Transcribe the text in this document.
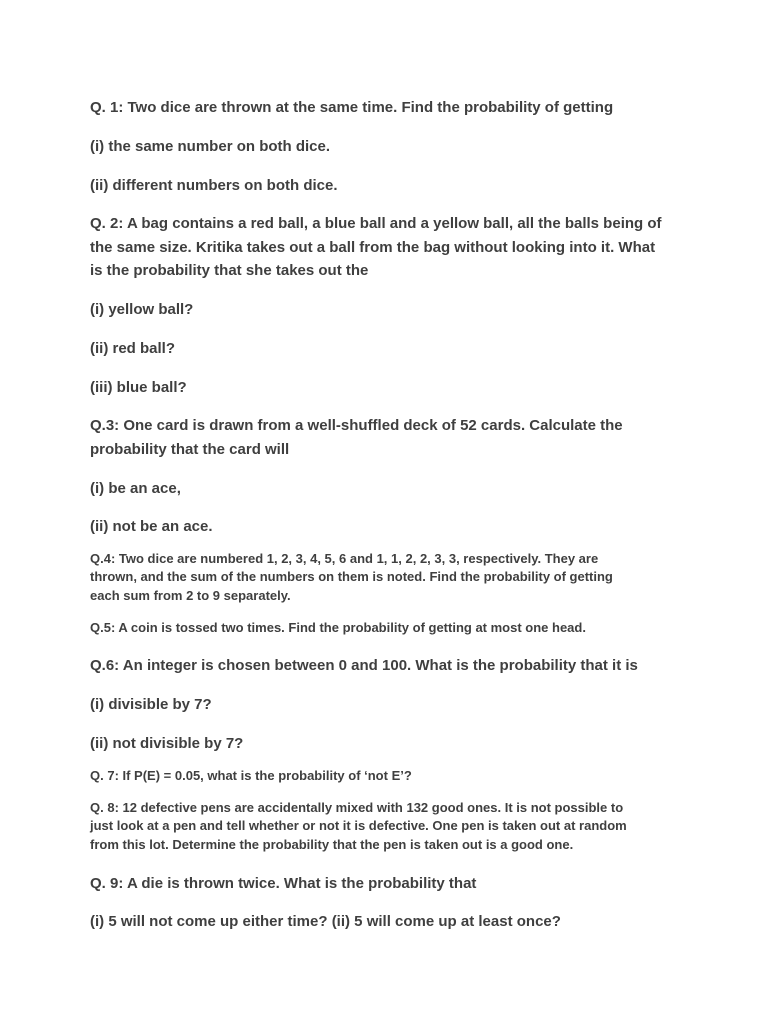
Q. 1: Two dice are thrown at the same time. Find the probability of getting

(i) the same number on both dice.

(ii) different numbers on both dice.

Q. 2: A bag contains a red ball, a blue ball and a yellow ball, all the balls being of

the same size. Kritika takes out a ball from the bag without looking into it. What

is the probability that she takes out the

(i) yellow ball?

(ii) red ball?

(iii) blue ball?

Q.3: One card is drawn from a well-shuffled deck of 52 cards. Calculate the

probability that the card will

(i) be an ace,

(ii) not be an ace.

Q.4: Two dice are numbered 1, 2, 3, 4, 5, 6 and 1, 1, 2, 2, 3, 3, respectively. They are

thrown, and the sum of the numbers on them is noted. Find the probability of getting

each sum from 2 to 9 separately.

Q.5: A coin is tossed two times. Find the probability of getting at most one head.

Q.6: An integer is chosen between 0 and 100. What is the probability that it is

(i) divisible by 7?

(ii) not divisible by 7?

Q. 7: If P(E) = 0.05, what is the probability of ‘not E’?

Q. 8: 12 defective pens are accidentally mixed with 132 good ones. It is not possible to

just look at a pen and tell whether or not it is defective. One pen is taken out at random

from this lot. Determine the probability that the pen is taken out is a good one.

Q. 9: A die is thrown twice. What is the probability that

(i) 5 will not come up either time? (ii) 5 will come up at least once?
